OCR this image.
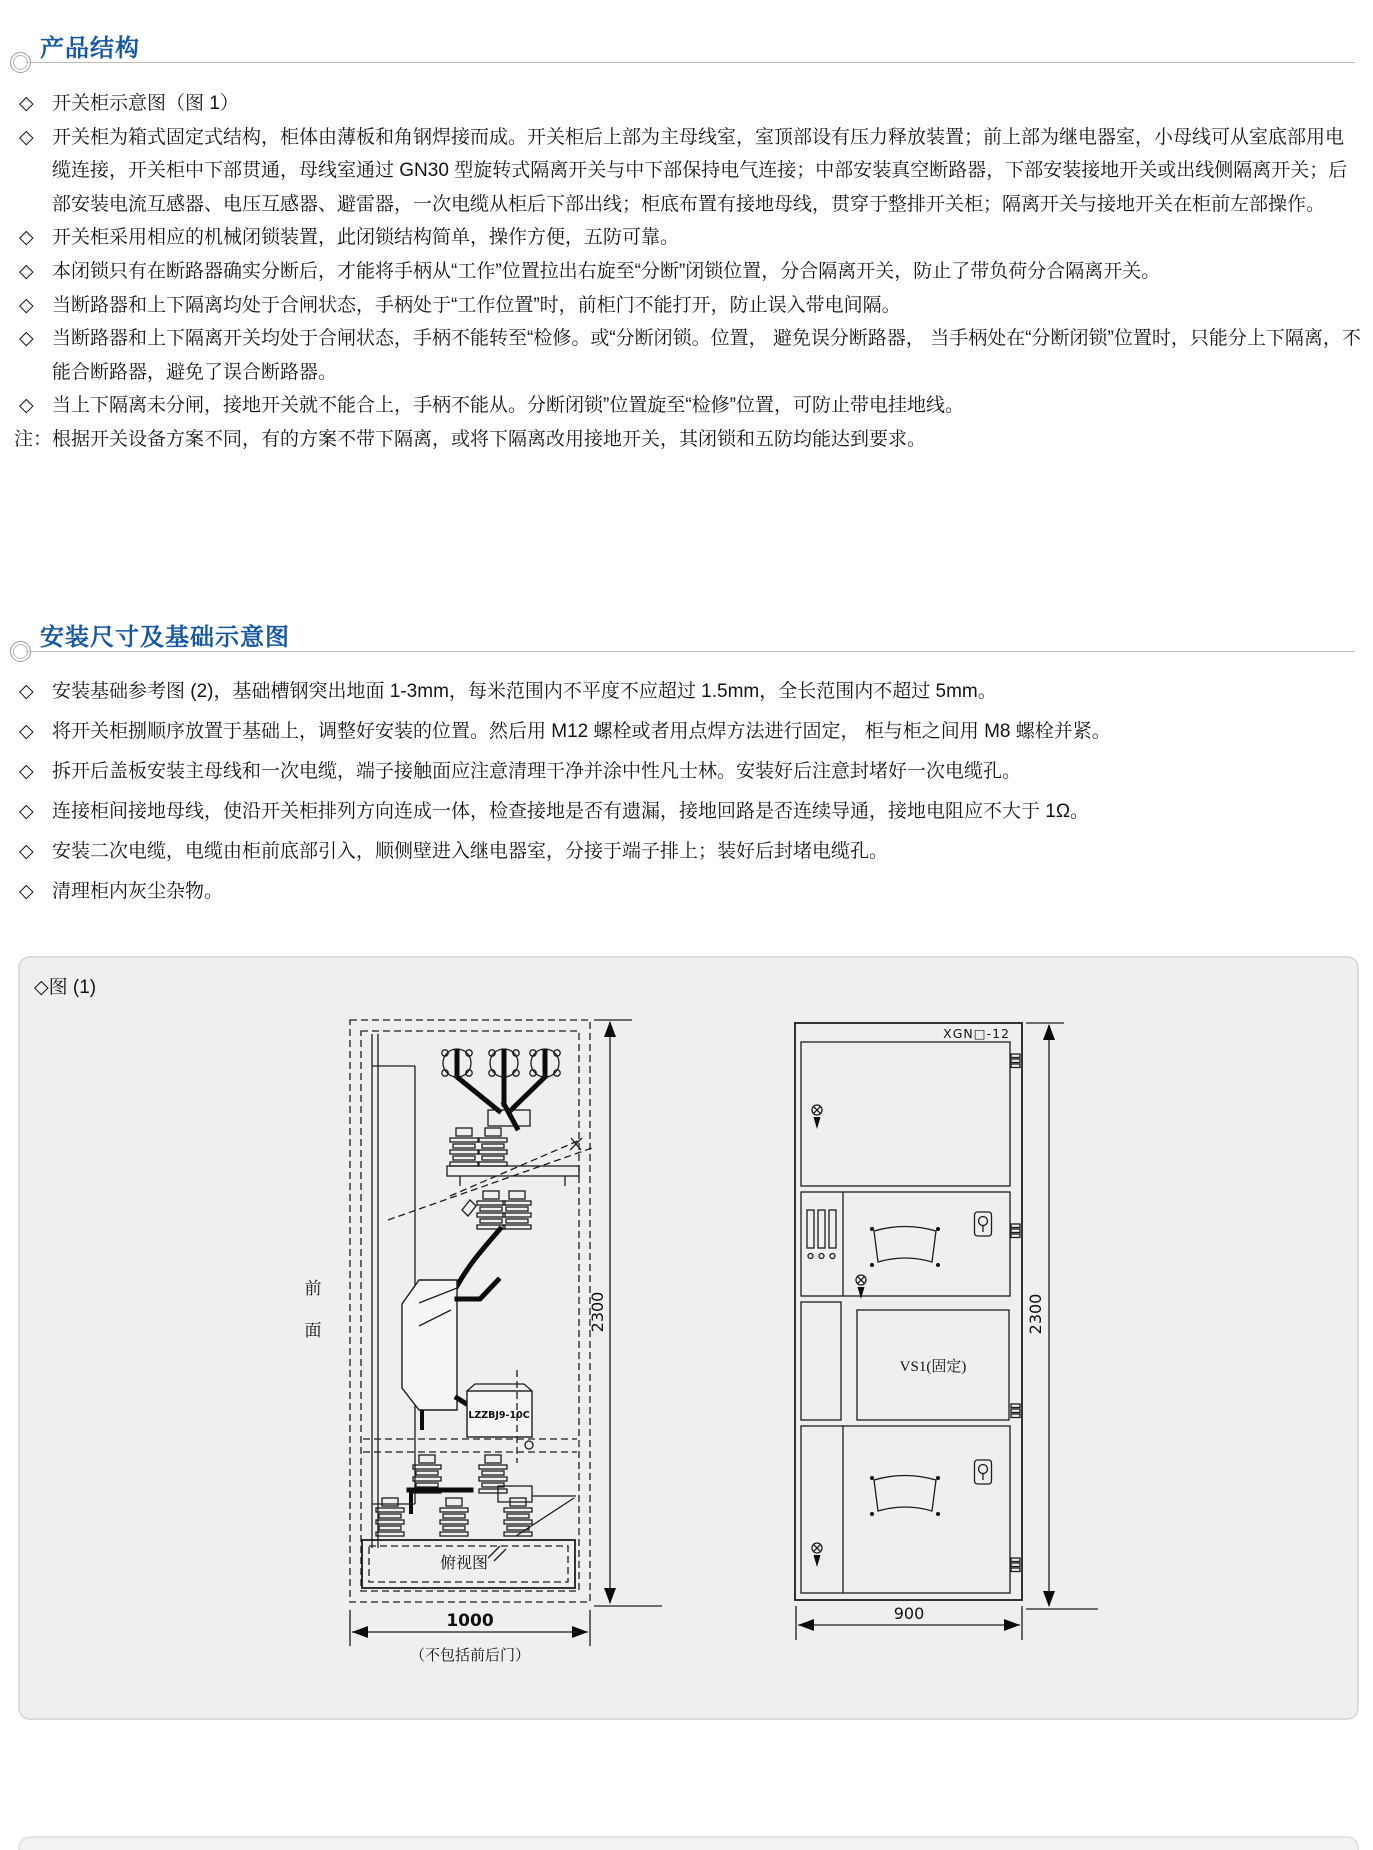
产品结构
◇ 开关柜示意图（图 1）
◇ 开关柜为箱式固定式结构，柜体由薄板和角钢焊接而成。开关柜后上部为主母线室，室顶部设有压力释放装置；前上部为继电器室，小母线可从室底部用电缆连接，开关柜中下部贯通，母线室通过 GN30 型旋转式隔离开关与中下部保持电气连接；中部安装真空断路器，下部安装接地开关或出线侧隔离开关；后部安装电流互感器、电压互感器、避雷器，一次电缆从柜后下部出线；柜底布置有接地母线，贯穿于整排开关柜；隔离开关与接地开关在柜前左部操作。
◇ 开关柜采用相应的机械闭锁装置，此闭锁结构简单，操作方便，五防可靠。
◇ 本闭锁只有在断路器确实分断后，才能将手柄从“工作”位置拉出右旋至“分断”闭锁位置，分合隔离开关，防止了带负荷分合隔离开关。
◇ 当断路器和上下隔离均处于合闸状态，手柄处于“工作位置”时，前柜门不能打开，防止误入带电间隔。
◇ 当断路器和上下隔离开关均处于合闸状态，手柄不能转至“检修。或“分断闭锁。位置， 避免误分断路器， 当手柄处在“分断闭锁”位置时，只能分上下隔离，不能合断路器，避免了误合断路器。
◇ 当上下隔离未分闸，接地开关就不能合上，手柄不能从。分断闭锁”位置旋至“检修”位置，可防止带电挂地线。
注：根据开关设备方案不同，有的方案不带下隔离，或将下隔离改用接地开关，其闭锁和五防均能达到要求。
安装尺寸及基础示意图
◇ 安装基础参考图 (2)，基础槽钢突出地面 1-3mm，每米范围内不平度不应超过 1.5mm，全长范围内不超过 5mm。
◇ 将开关柜捌顺序放置于基础上，调整好安装的位置。然后用 M12 螺栓或者用点焊方法进行固定， 柜与柜之间用 M8 螺栓并紧。
◇ 拆开后盖板安装主母线和一次电缆，端子接触面应注意清理干净并涂中性凡士林。安装好后注意封堵好一次电缆孔。
◇ 连接柜间接地母线，使沿开关柜排列方向连成一体，检查接地是否有遗漏，接地回路是否连续导通，接地电阻应不大于 1Ω。
◇ 安装二次电缆，电缆由柜前底部引入，顺侧壁进入继电器室，分接于端子排上；装好后封堵电缆孔。
◇ 清理柜内灰尘杂物。
◇图 (1)
LZZBJ9-10C
俯视图
前
面	2300
1000
（不包括前后门）
XGN□-12
VS1(固定)
2300
900
